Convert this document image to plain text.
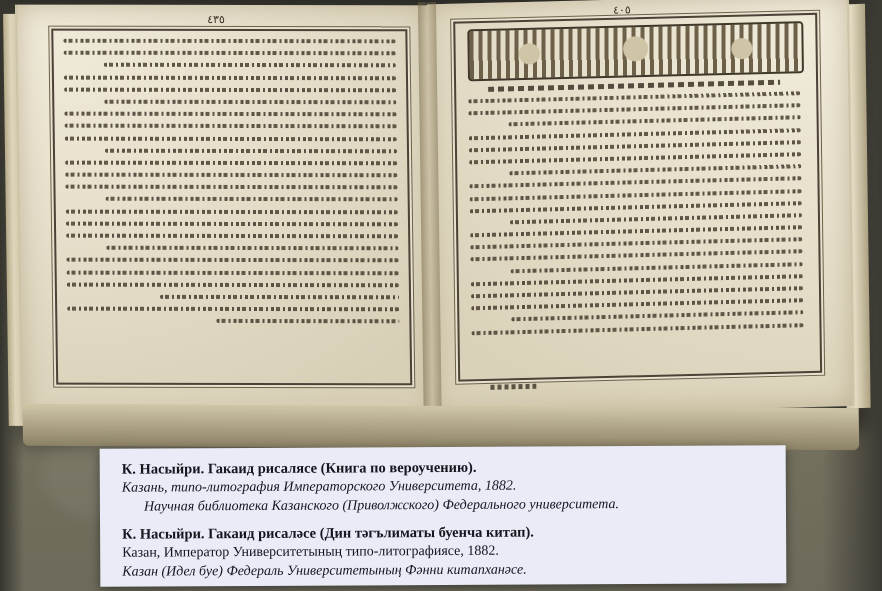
٤٣٥
٤٠٥
К. Насыйри. Гакаид рисаляcе (Книга по вероучению).
Казань, типо-литография Императорского Университета, 1882.
Научная библиотека Казанского (Приволжского) Федерального университета.
К. Насыйри. Гакаид рисаләсе (Дин тәгълиматы буенча китап).
Казан, Император Университетының типо-литографиясе, 1882.
Казан (Идел буе) Федераль Университетының Фәнни китапханәсе.
